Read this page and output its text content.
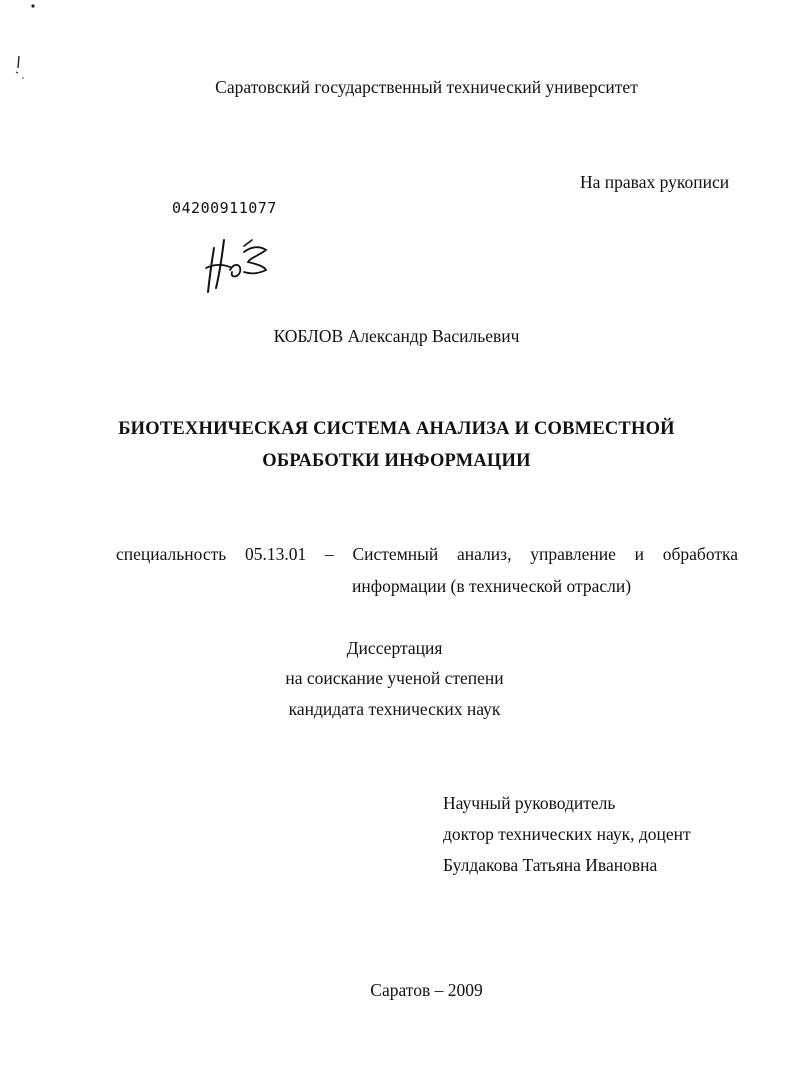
Саратовский государственный технический университет
На правах рукописи
04200911077
КОБЛОВ Александр Васильевич
БИОТЕХНИЧЕСКАЯ СИСТЕМА АНАЛИЗА И СОВМЕСТНОЙ
ОБРАБОТКИ ИНФОРМАЦИИ
специальность 05.13.01 – Системный анализ, управление и обработка
информации (в технической отрасли)
Диссертация
на соискание ученой степени
кандидата технических наук
Научный руководитель
доктор технических наук, доцент
Булдакова Татьяна Ивановна
Саратов – 2009
